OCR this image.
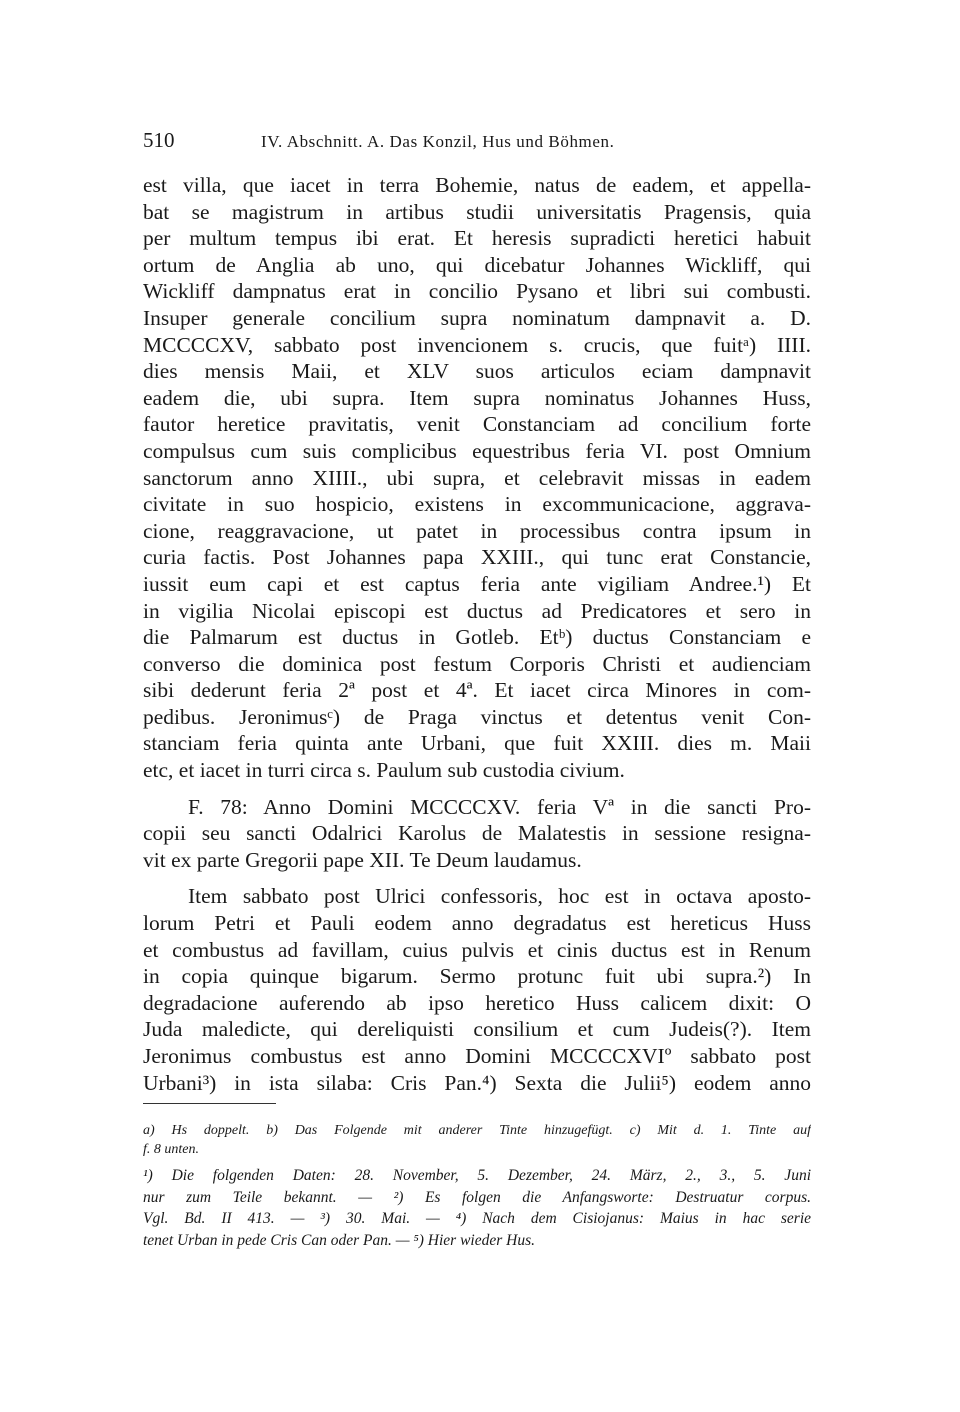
510	IV. Abschnitt. A. Das Konzil, Hus und Böhmen.
est villa, que iacet in terra Bohemie, natus de eadem, et appella-
bat se magistrum in artibus studii universitatis Pragensis, quia
per multum tempus ibi erat. Et heresis supradicti heretici habuit
ortum de Anglia ab uno, qui dicebatur Johannes Wickliff, qui
Wickliff dampnatus erat in concilio Pysano et libri sui combusti.
Insuper generale concilium supra nominatum dampnavit a. D.
MCCCCXV, sabbato post invencionem s. crucis, que fuitᵃ) IIII.
dies mensis Maii, et XLV suos articulos eciam dampnavit
eadem die, ubi supra. Item supra nominatus Johannes Huss,
fautor heretice pravitatis, venit Constanciam ad concilium forte
compulsus cum suis complicibus equestribus feria VI. post Omnium
sanctorum anno XIIII., ubi supra, et celebravit missas in eadem
civitate in suo hospicio, existens in excommunicacione, aggrava-
cione, reaggravacione, ut patet in processibus contra ipsum in
curia factis. Post Johannes papa XXIII., qui tunc erat Constancie,
iussit eum capi et est captus feria ante vigiliam Andree.¹) Et
in vigilia Nicolai episcopi est ductus ad Predicatores et sero in
die Palmarum est ductus in Gotleb. Etᵇ) ductus Constanciam e
converso die dominica post festum Corporis Christi et audienciam
sibi dederunt feria 2ª post et 4ª. Et iacet circa Minores in com-
pedibus. Jeronimusᶜ) de Praga vinctus et detentus venit Con-
stanciam feria quinta ante Urbani, que fuit XXIII. dies m. Maii
etc, et iacet in turri circa s. Paulum sub custodia civium.
F. 78: Anno Domini MCCCCXV. feria Vª in die sancti Pro-
copii seu sancti Odalrici Karolus de Malatestis in sessione resigna-
vit ex parte Gregorii pape XII. Te Deum laudamus.
Item sabbato post Ulrici confessoris, hoc est in octava aposto-
lorum Petri et Pauli eodem anno degradatus est hereticus Huss
et combustus ad favillam, cuius pulvis et cinis ductus est in Renum
in copia quinque bigarum. Sermo protunc fuit ubi supra.²) In
degradacione auferendo ab ipso heretico Huss calicem dixit: O
Juda maledicte, qui dereliquisti consilium et cum Judeis(?). Item
Jeronimus combustus est anno Domini MCCCCXVIº sabbato post
Urbani³) in ista silaba: Cris Pan.⁴) Sexta die Julii⁵) eodem anno
a) Hs doppelt. b) Das Folgende mit anderer Tinte hinzugefügt. c) Mit d. 1. Tinte auf
f. 8 unten.
¹) Die folgenden Daten: 28. November, 5. Dezember, 24. März, 2., 3., 5. Juni
nur zum Teile bekannt. — ²) Es folgen die Anfangsworte: Destruatur corpus.
Vgl. Bd. II 413. — ³) 30. Mai. — ⁴) Nach dem Cisiojanus: Maius in hac serie
tenet Urban in pede Cris Can oder Pan. — ⁵) Hier wieder Hus.
